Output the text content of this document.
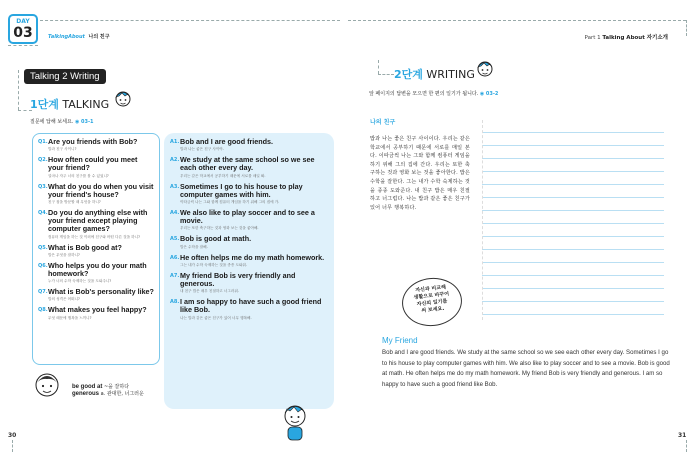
DAY
03	TalkingAbout 나의 친구	Part 1 Talking About 자기소개
Talking 2 Writing
1단계 TALKING
질문에 답해 보세요. ◉ 03-1
Q1. Are you friends with Bob?
밥과 친구 사이니?
Q2. How often could you meet your friend?
얼마나 자주 너의 친구를 볼 수 있었니?
Q3. What do you do when you visit your friend's house?
친구 집을 방문할 때 무엇을 하니?
Q4. Do you do anything else with your friend except playing computer games?
컴퓨터 게임을 하는 것 이외에 친구와 어떤 다른 것을 하니?
Q5. What is Bob good at?
밥은 무엇을 잘하니?
Q6. Who helps you do your math homework?
누가 너의 수학 숙제하는 것을 도와주니?
Q7. What is Bob's personality like?
밥의 성격은 어떠니?
Q8. What makes you feel happy?
무엇 때문에 행복을 느끼니?
A1. Bob and I are good friends.
밥과 나는 좋은 친구 사이야.
A2. We study at the same school so we see each other every day.
우리는 같은 학교에서 공부하기 때문에 서로를 매일 봐.
A3. Sometimes I go to his house to play computer games with him.
이따금씩 나는 그와 함께 컴퓨터 게임을 하기 위해 그의 집에 가.
A4. We also like to play soccer and to see a movie.
우리는 또한 축구하는 것과 영화 보는 것을 좋아해.
A5. Bob is good at math.
밥은 수학을 잘해.
A6. He often helps me do my math homework.
그는 내가 수학 숙제하는 것을 종종 도와줘.
A7. My friend Bob is very friendly and generous.
내 친구 밥은 매우 친절하고 너그러워.
A8. I am so happy to have such a good friend like Bob.
나는 밥과 같은 좋은 친구가 있어 너무 행복해.
be good at ~을 잘하다
generous a. 관대한, 너그러운
30	31
2단계 WRITING
앞 페이지의 답변을 모으면 한 편의 일기가 됩니다. ◉ 03-2
나의 친구
밥과 나는 좋은 친구 사이이다. 우리는 같은 학교에서 공부하기 때문에 서로를 매일 본다. 이따금씩 나는 그와 함께 컴퓨터 게임을 하기 위해 그의 집에 간다. 우리는 또한 축구하는 것과 영화 보는 것을 좋아한다. 밥은 수학을 잘한다. 그는 내가 수학 숙제하는 것을 종종 도와준다. 내 친구 밥은 매우 친절하고 너그럽다. 나는 밥과 같은 좋은 친구가 있어 너무 행복하다.
자신과 비교해
생활으로 바꾸어
자신의 일기를
써 보세요.
My Friend
Bob and I are good friends. We study at the same school so we see each other every day. Sometimes I go to his house to play computer games with him. We also like to play soccer and to see a movie. Bob is good at math. He often helps me do my math homework. My friend Bob is very friendly and generous. I am so happy to have such a good friend like Bob.
